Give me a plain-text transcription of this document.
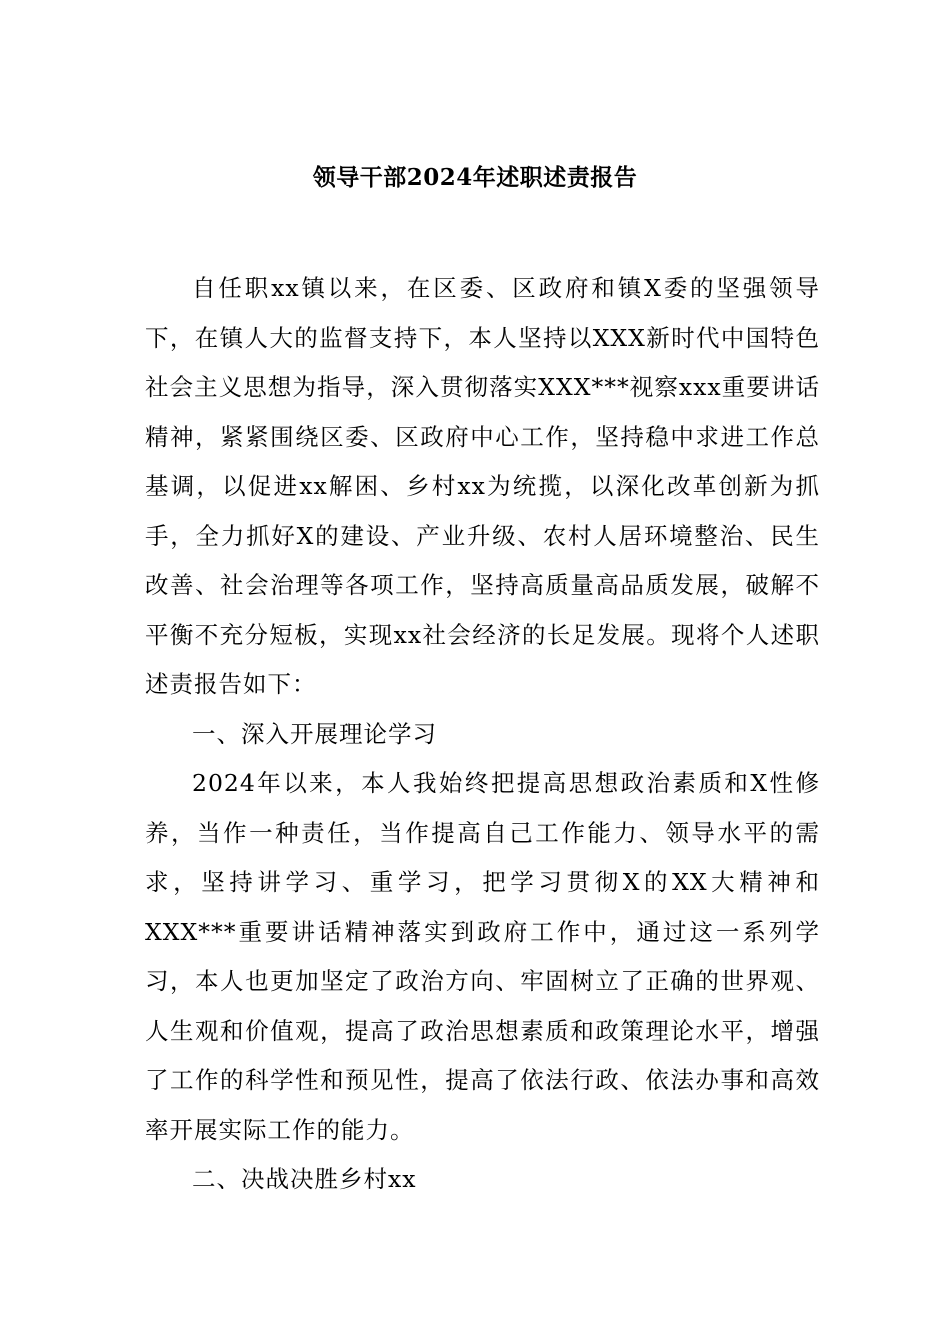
领导干部2024年述职述责报告

自任职xx镇以来，在区委、区政府和镇X委的坚强领导下，在镇人大的监督支持下，本人坚持以XXX新时代中国特色社会主义思想为指导，深入贯彻落实XXX***视察xxx重要讲话精神，紧紧围绕区委、区政府中心工作，坚持稳中求进工作总基调，以促进xx解困、乡村xx为统揽，以深化改革创新为抓手，全力抓好X的建设、产业升级、农村人居环境整治、民生改善、社会治理等各项工作，坚持高质量高品质发展，破解不平衡不充分短板，实现xx社会经济的长足发展。现将个人述职述责报告如下：

一、深入开展理论学习

2024年以来，本人我始终把提高思想政治素质和X性修养，当作一种责任，当作提高自己工作能力、领导水平的需求，坚持讲学习、重学习，把学习贯彻X的XX大精神和XXX***重要讲话精神落实到政府工作中，通过这一系列学习，本人也更加坚定了政治方向、牢固树立了正确的世界观、人生观和价值观，提高了政治思想素质和政策理论水平，增强了工作的科学性和预见性，提高了依法行政、依法办事和高效率开展实际工作的能力。

二、决战决胜乡村xx
